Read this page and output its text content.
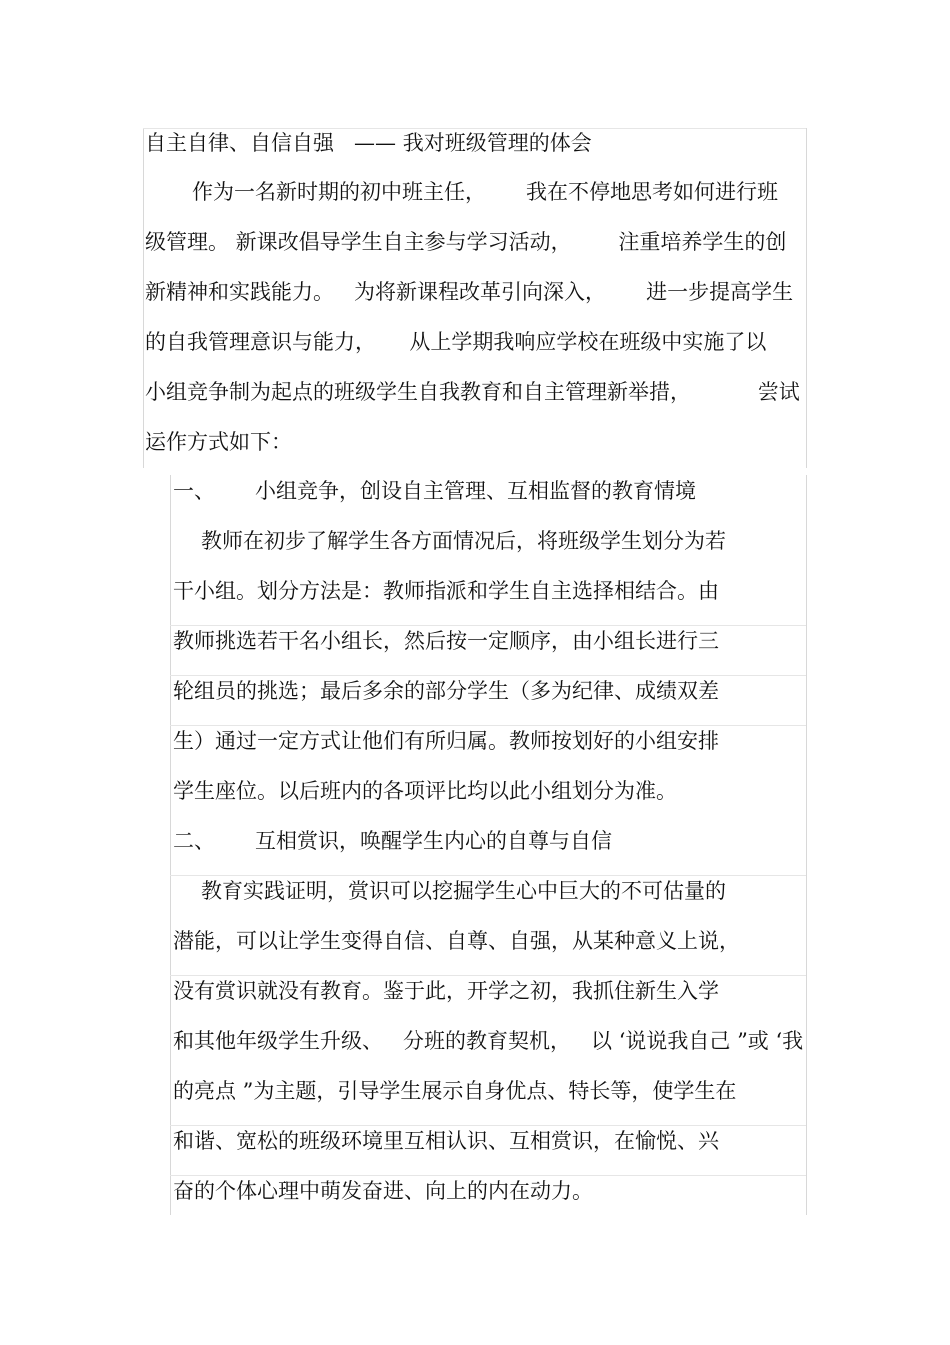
自主自律、自信自强   —— 我对班级管理的体会

作为一名新时期的初中班主任，      我在不停地思考如何进行班

级管理。 新课改倡导学生自主参与学习活动，       注重培养学生的创

新精神和实践能力。   为将新课程改革引向深入，      进一步提高学生

的自我管理意识与能力，     从上学期我响应学校在班级中实施了以

小组竞争制为起点的班级学生自我教育和自主管理新举措，          尝试

运作方式如下：

一、      小组竞争，创设自主管理、互相监督的教育情境

教师在初步了解学生各方面情况后，将班级学生划分为若

干小组。划分方法是：教师指派和学生自主选择相结合。由

教师挑选若干名小组长，然后按一定顺序，由小组长进行三

轮组员的挑选；最后多余的部分学生（多为纪律、成绩双差

生）通过一定方式让他们有所归属。教师按划好的小组安排

学生座位。以后班内的各项评比均以此小组划分为准。

二、      互相赏识，唤醒学生内心的自尊与自信

教育实践证明，赏识可以挖掘学生心中巨大的不可估量的

潜能，可以让学生变得自信、自尊、自强，从某种意义上说，

没有赏识就没有教育。鉴于此，开学之初，我抓住新生入学

和其他年级学生升级、   分班的教育契机，   以 ‘说说我自己 ”或 ‘我

的亮点 ”为主题，引导学生展示自身优点、特长等，使学生在

和谐、宽松的班级环境里互相认识、互相赏识，在愉悦、兴

奋的个体心理中萌发奋进、向上的内在动力。
